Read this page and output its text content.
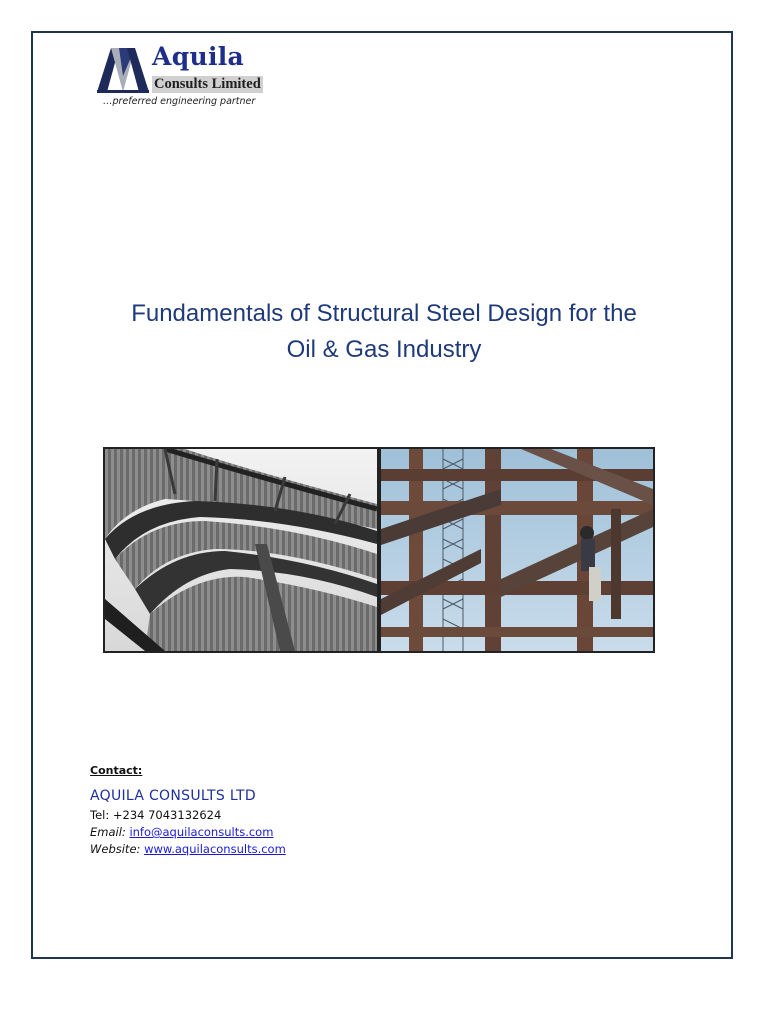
Aquila
Consults Limited
…preferred engineering partner
Fundamentals of Structural Steel Design for the
Oil & Gas Industry
Contact:
AQUILA CONSULTS LTD
Tel: +234 7043132624
Email: info@aquilaconsults.com
Website: www.aquilaconsults.com
